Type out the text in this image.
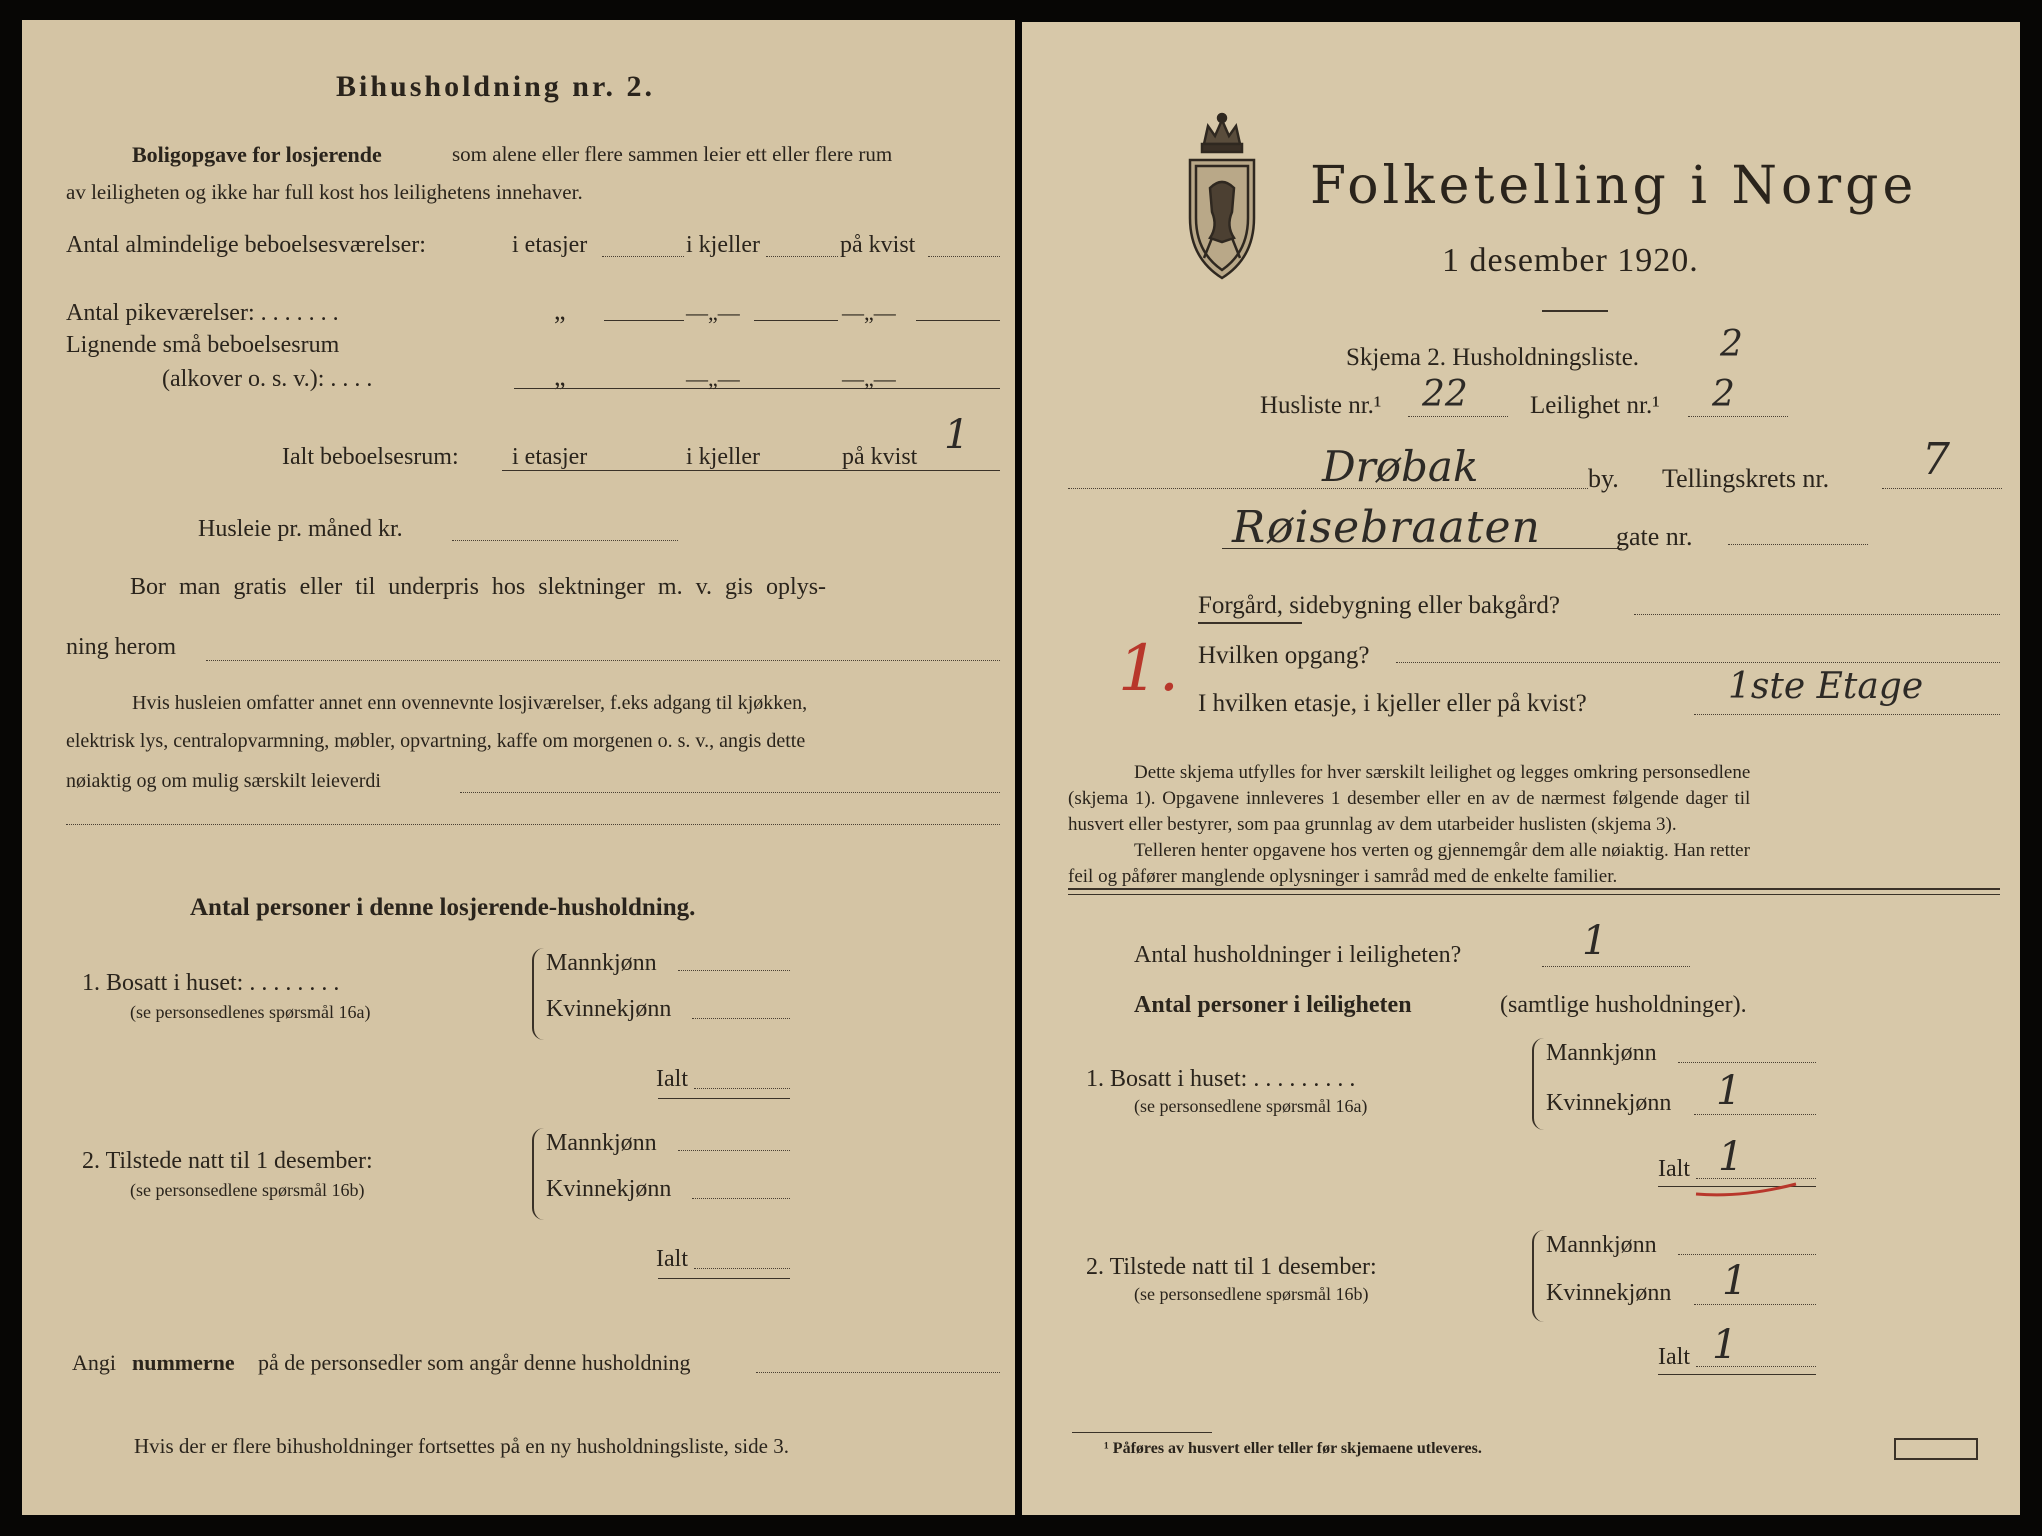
Bihusholdning nr. 2.
Boligopgave for losjerende	som alene eller flere sammen leier ett eller flere rum
av leiligheten og ikke har full kost hos leilighetens innehaver.
Antal almindelige beboelsesværelser:	i etasjer	i kjeller	på kvist
Antal pikeværelser: . . . . . . .	„	—„—	—„—
Lignende små beboelsesrum
(alkover o. s. v.): . . . .	„	—„—	—„—
Ialt beboelsesrum: i etasjer	i kjeller	på kvist 1
Husleie pr. måned kr.
Bor man gratis eller til underpris hos slektninger m. v. gis oplys-
ning herom
Hvis husleien omfatter annet enn ovennevnte losjiværelser, f.eks adgang til kjøkken,
elektrisk lys, centralopvarmning, møbler, opvartning, kaffe om morgenen o. s. v., angis dette
nøiaktig og om mulig særskilt leieverdi
Antal personer i denne losjerende-husholdning.
1. Bosatt i huset: . . . . . . . .
(se personsedlenes spørsmål 16a)
Mannkjønn
Kvinnekjønn
Ialt
2. Tilstede natt til 1 desember:
(se personsedlene spørsmål 16b)
Mannkjønn
Kvinnekjønn
Ialt
Angi nummerne på de personsedler som angår denne husholdning
Hvis der er flere bihusholdninger fortsettes på en ny husholdningsliste, side 3.
Folketelling i Norge
1 desember 1920.
Skjema 2. Husholdningsliste. 2
Husliste nr.¹ 22 Leilighet nr.¹ 2
Drøbak	by. Tellingskrets nr. 7
Røisebraaten	gate nr.
Forgård, sidebygning eller bakgård?
1. Hvilken opgang?
I hvilken etasje, i kjeller eller på kvist?	1ste Etage
Dette skjema utfylles for hver særskilt leilighet og legges omkring personsedlene
(skjema 1). Opgavene innleveres 1 desember eller en av de nærmest følgende dager til
husvert eller bestyrer, som paa grunnlag av dem utarbeider huslisten (skjema 3).
Telleren henter opgavene hos verten og gjennemgår dem alle nøiaktig. Han retter
feil og påfører manglende oplysninger i samråd med de enkelte familier.
Antal husholdninger i leiligheten?	1
Antal personer i leiligheten	(samtlige husholdninger).
1. Bosatt i huset: . . . . . . . . .
(se personsedlene spørsmål 16a)
Mannkjønn
Kvinnekjønn 1
Ialt 1
2. Tilstede natt til 1 desember:
(se personsedlene spørsmål 16b)
Mannkjønn
Kvinnekjønn 1
Ialt 1
¹ Påføres av husvert eller teller før skjemaene utleveres.
